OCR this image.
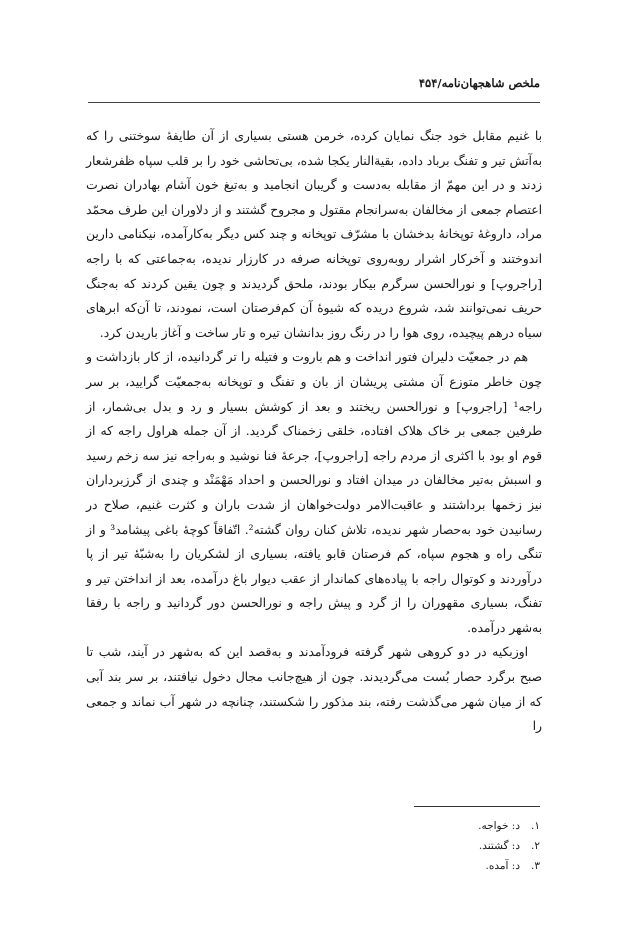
ملخص شاهجهان‌نامه/۴۵۴

با غنیم مقابل خود جنگ نمایان کرده، خرمن هستی بسیاری از آن طایفهٔ سوختنی را که به‌آتش تیر و تفنگ برباد داده، بقیةالنار یکجا شده، بی‌تحاشی خود را بر قلب سپاه ظفرشعار زدند و در این مهمّ از مقابله به‌دست و گریبان انجامید و به‌تیغ خون آشام بهادران نصرت اعتصام جمعی از مخالفان به‌سرانجام مقتول و مجروح گشتند و از دلاوران این طرف محمّد مراد، داروغهٔ توپخانهٔ بدخشان با مشرّف توپخانه و چند کس دیگر به‌کارآمده، نیکنامی دارین اندوختند و آخرکار اشرار روبه‌روی توپخانه صرفه در کارزار ندیده، به‌جماعتی که با راجه [راجروپ] و نورالحسن سرگرم بیکار بودند، ملحق گردیدند و چون یقین کردند که به‌جنگ حریف نمی‌توانند شد، شروع دریده که شیوهٔ آن کم‌فرصتان است، نمودند، تا آن‌که ابرهای سیاه درهم پیچیده، روی هوا را در رنگ روز بدانشان تیره و تار ساخت و آغاز باریدن کرد.

هم در جمعیّت دلیران فتور انداخت و هم باروت و فتیله را تر گردانیده، از کار بازداشت و چون خاطر متوزع آن مشتی پریشان از بان و تفنگ و توپخانه به‌جمعیّت گرایید، بر سر راجه¹ [راجروپ] و نورالحسن ریختند و بعد از کوشش بسیار و رد و بدل بی‌شمار، از طرفین جمعی بر خاک هلاک افتاده، خلقی زخمناک گردید. از آن جمله هراول راجه که از قوم او بود با اکثری از مردم راجه [راجروپ]، جرعهٔ فنا نوشید و به‌راجه نیز سه زخم رسید و اسبش به‌تیر مخالفان در میدان افتاد و نورالحسن و احداد مَهْمَنْد و چندی از گرزبرداران نیز زخمها برداشتند و عاقبت‌الامر دولت‌خواهان از شدت باران و کثرت غنیم، صلاح در رسانیدن خود به‌حصار شهر ندیده، تلاش کنان روان گشته². اتّفاقاً کوچهٔ باغی پیشامد³ و از تنگی راه و هجوم سپاه، کم فرصتان قابو یافته، بسیاری از لشکریان را به‌شبّهٔ تیر از پا درآوردند و کوتوال راجه با پیاده‌های کماندار از عقب دیوار باغ درآمده، بعد از انداختن تیر و تفنگ، بسیاری مقهوران را از گرد و پیش راجه و نورالحسن دور گردانید و راجه با رفقا به‌شهر درآمده.

اوزبکیه در دو کروهی شهر گرفته فرودآمدند و به‌قصد این که به‌شهر در آیند، شب تا صبح برگرد حصار بُست می‌گردیدند. چون از هیچ‌جانب مجال دخول نیافتند، بر سر بند آبی که از میان شهر می‌گذشت رفته، بند مذکور را شکستند، چنانچه در شهر آب نماند و جمعی را

۱.
د: خواجه.
۲.
د: گشتند.
۳.
د: آمده.
